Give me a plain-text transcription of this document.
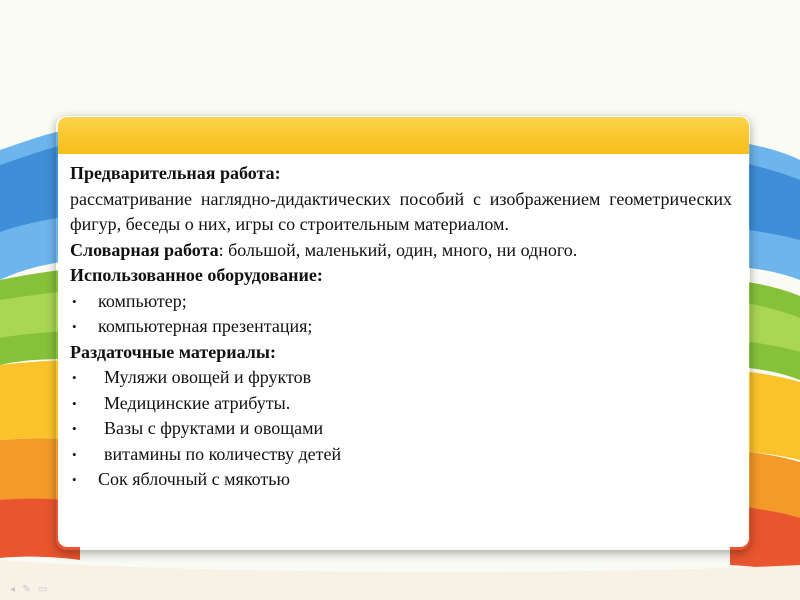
Предварительная работа:

рассматривание наглядно-дидактических пособий с изображением геометрических фигур, беседы о них, игры со строительным материалом.

Словарная работа: большой, маленький, один, много, ни одного.

Использованное оборудование:

• компьютер;
• компьютерная презентация;

Раздаточные материалы:

• Муляжи овощей и фруктов
• Медицинские атрибуты.
• Вазы с фруктами и овощами
• витамины по количеству детей
• Сок яблочный с мякотью
◂ ✎ ▭
